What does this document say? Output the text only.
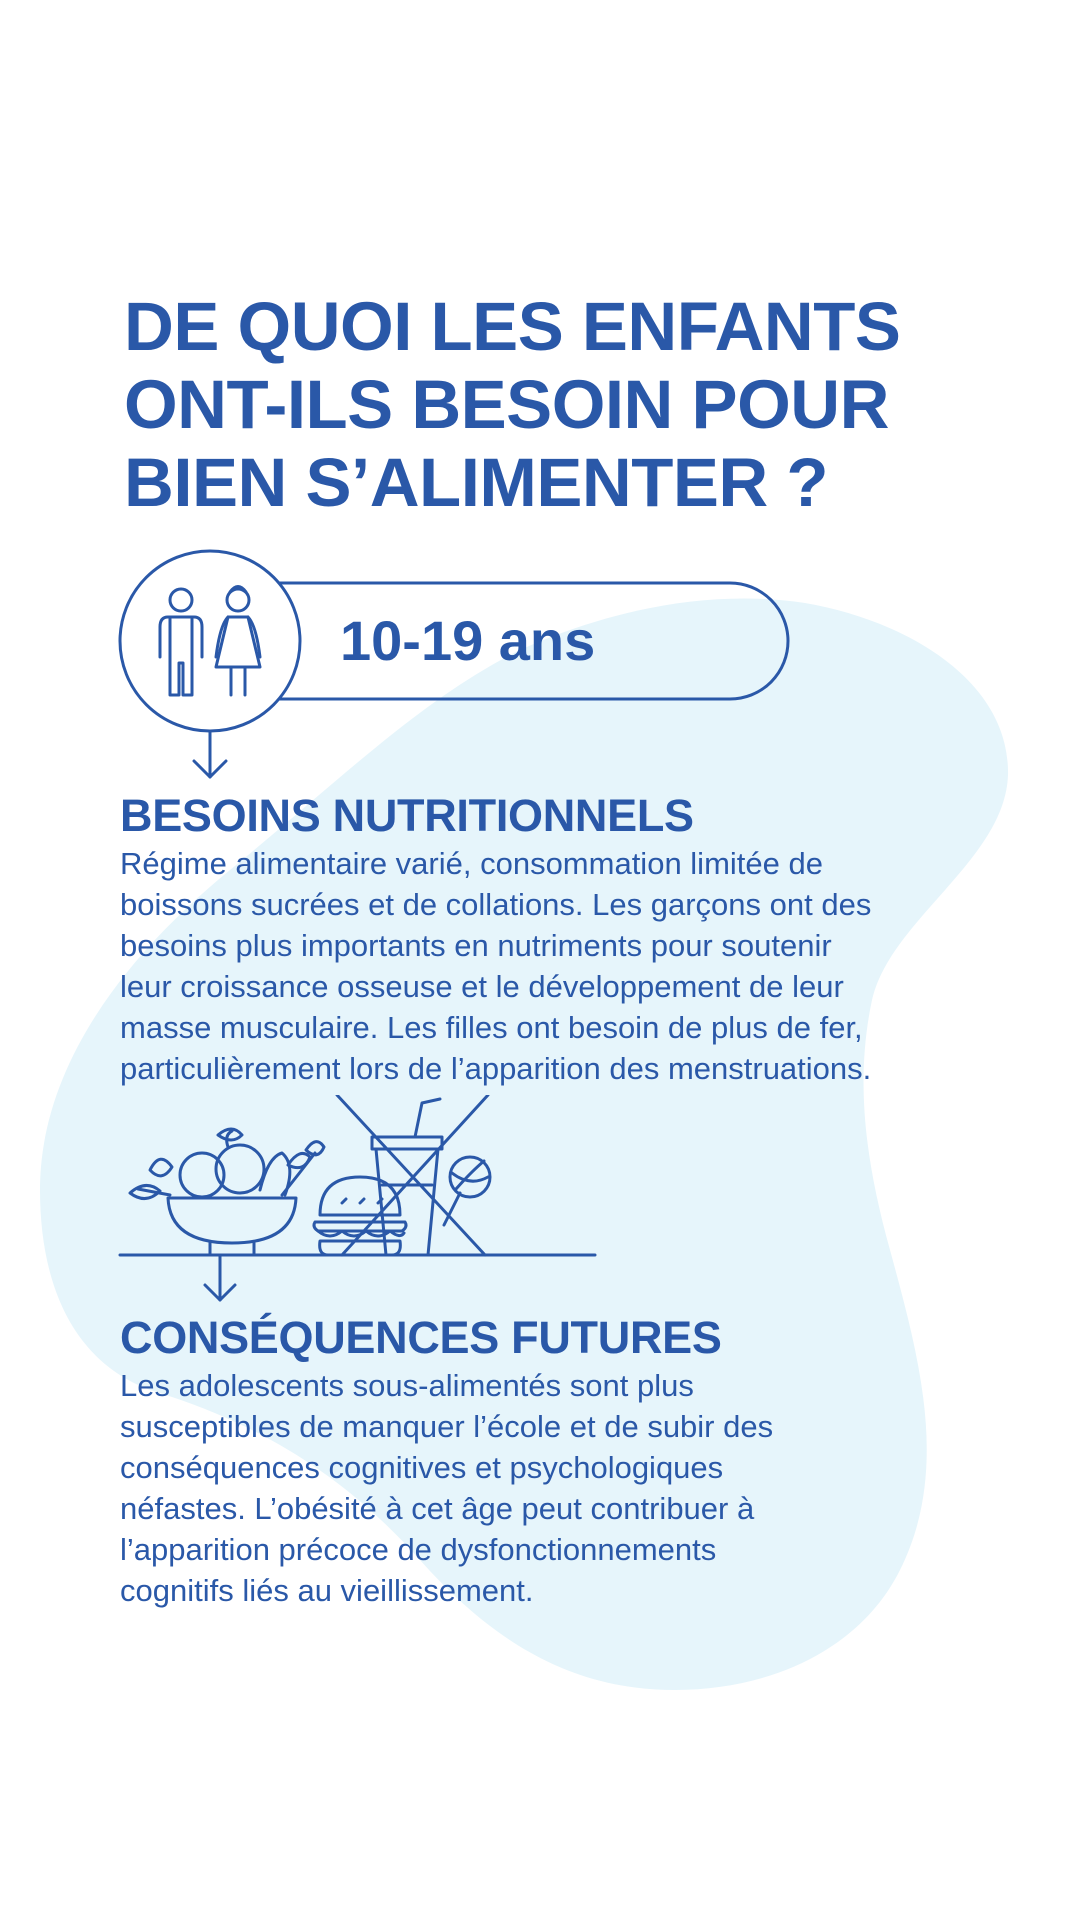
DE QUOI LES ENFANTS
ONT-ILS BESOIN POUR
BIEN S’ALIMENTER ?
10-19 ans
BESOINS NUTRITIONNELS

Régime alimentaire varié, consommation limitée de
boissons sucrées et de collations. Les garçons ont des
besoins plus importants en nutriments pour soutenir
leur croissance osseuse et le développement de leur
masse musculaire. Les filles ont besoin de plus de fer,
particulièrement lors de l’apparition des menstruations.

CONSÉQUENCES FUTURES

Les adolescents sous-alimentés sont plus
susceptibles de manquer l’école et de subir des
conséquences cognitives et psychologiques
néfastes. L’obésité à cet âge peut contribuer à
l’apparition précoce de dysfonctionnements
cognitifs liés au vieillissement.
